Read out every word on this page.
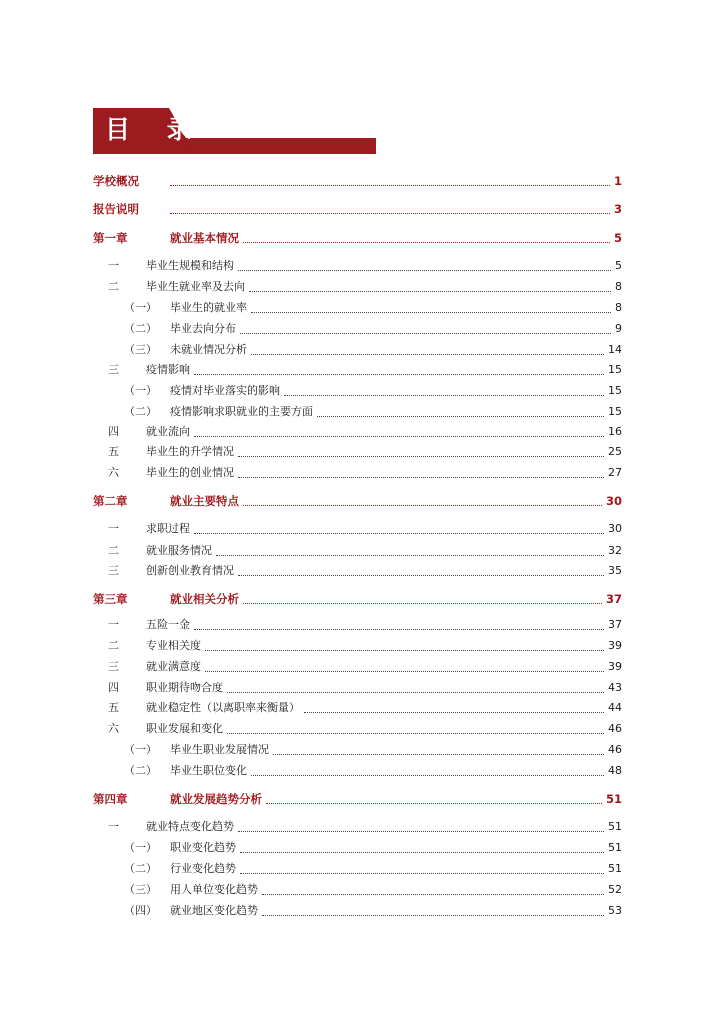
目 录
学校概况	1
报告说明	3
第一章	就业基本情况	5
一 毕业生规模和结构	5
二 毕业生就业率及去向	8
（一） 毕业生的就业率	8
（二） 毕业去向分布	9
（三） 未就业情况分析	14
三 疫情影响	15
（一） 疫情对毕业落实的影响	15
（二） 疫情影响求职就业的主要方面	15
四 就业流向	16
五 毕业生的升学情况	25
六 毕业生的创业情况	27
第二章	就业主要特点	30
一 求职过程	30
二 就业服务情况	32
三 创新创业教育情况	35
第三章	就业相关分析	37
一 五险一金	37
二 专业相关度	39
三 就业满意度	39
四 职业期待吻合度	43
五 就业稳定性（以离职率来衡量）	44
六 职业发展和变化	46
（一） 毕业生职业发展情况	46
（二） 毕业生职位变化	48
第四章	就业发展趋势分析	51
一 就业特点变化趋势	51
（一） 职业变化趋势	51
（二） 行业变化趋势	51
（三） 用人单位变化趋势	52
（四） 就业地区变化趋势	53
